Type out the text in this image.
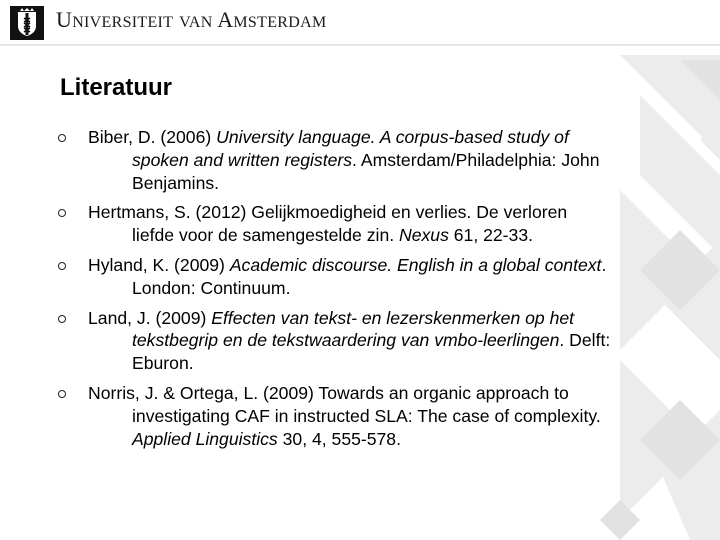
UNIVERSITEIT VAN AMSTERDAM
Literatuur
Biber, D. (2006) University language. A corpus-based study of
spoken and written registers. Amsterdam/Philadelphia: John
Benjamins.
Hertmans, S. (2012) Gelijkmoedigheid en verlies. De verloren
liefde voor de samengestelde zin. Nexus 61, 22-33.
Hyland, K. (2009) Academic discourse. English in a global context.
London: Continuum.
Land, J. (2009) Effecten van tekst- en lezerskenmerken op het
tekstbegrip en de tekstwaardering van vmbo-leerlingen. Delft:
Eburon.
Norris, J. & Ortega, L. (2009) Towards an organic approach to
investigating CAF in instructed SLA: The case of complexity.
Applied Linguistics 30, 4, 555-578.
